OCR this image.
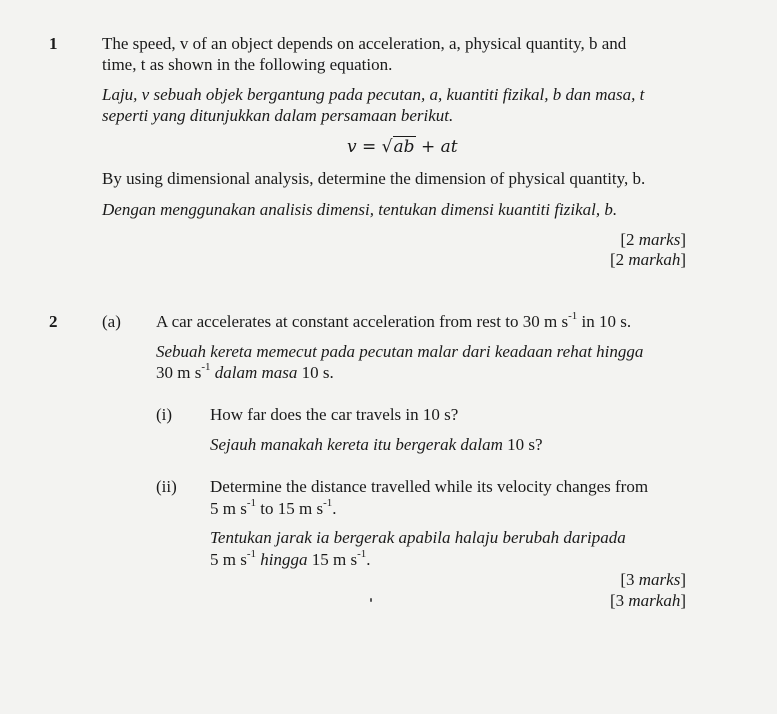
1	The speed, v of an object depends on acceleration, a, physical quantity, b and
time, t as shown in the following equation.
Laju, v sebuah objek bergantung pada pecutan, a, kuantiti fizikal, b dan masa, t
seperti yang ditunjukkan dalam persamaan berikut.
v = √ab + at
By using dimensional analysis, determine the dimension of physical quantity, b.
Dengan menggunakan analisis dimensi, tentukan dimensi kuantiti fizikal, b.
[2 marks]
[2 markah]
2	(a) A car accelerates at constant acceleration from rest to 30 m $s^{-1}$ in 10 s.
Sebuah kereta memecut pada pecutan malar dari keadaan rehat hingga
30 m $s^{-1}$ dalam masa 10 s.
(i) How far does the car travels in 10 s?
Sejauh manakah kereta itu bergerak dalam 10 s?
(ii) Determine the distance travelled while its velocity changes from
5 m $s^{-1}$ to 15 m $s^{-1}$.
Tentukan jarak ia bergerak apabila halaju berubah daripada
5 m $s^{-1}$ hingga 15 m $s^{-1}$.
[3 marks]
[3 markah]
